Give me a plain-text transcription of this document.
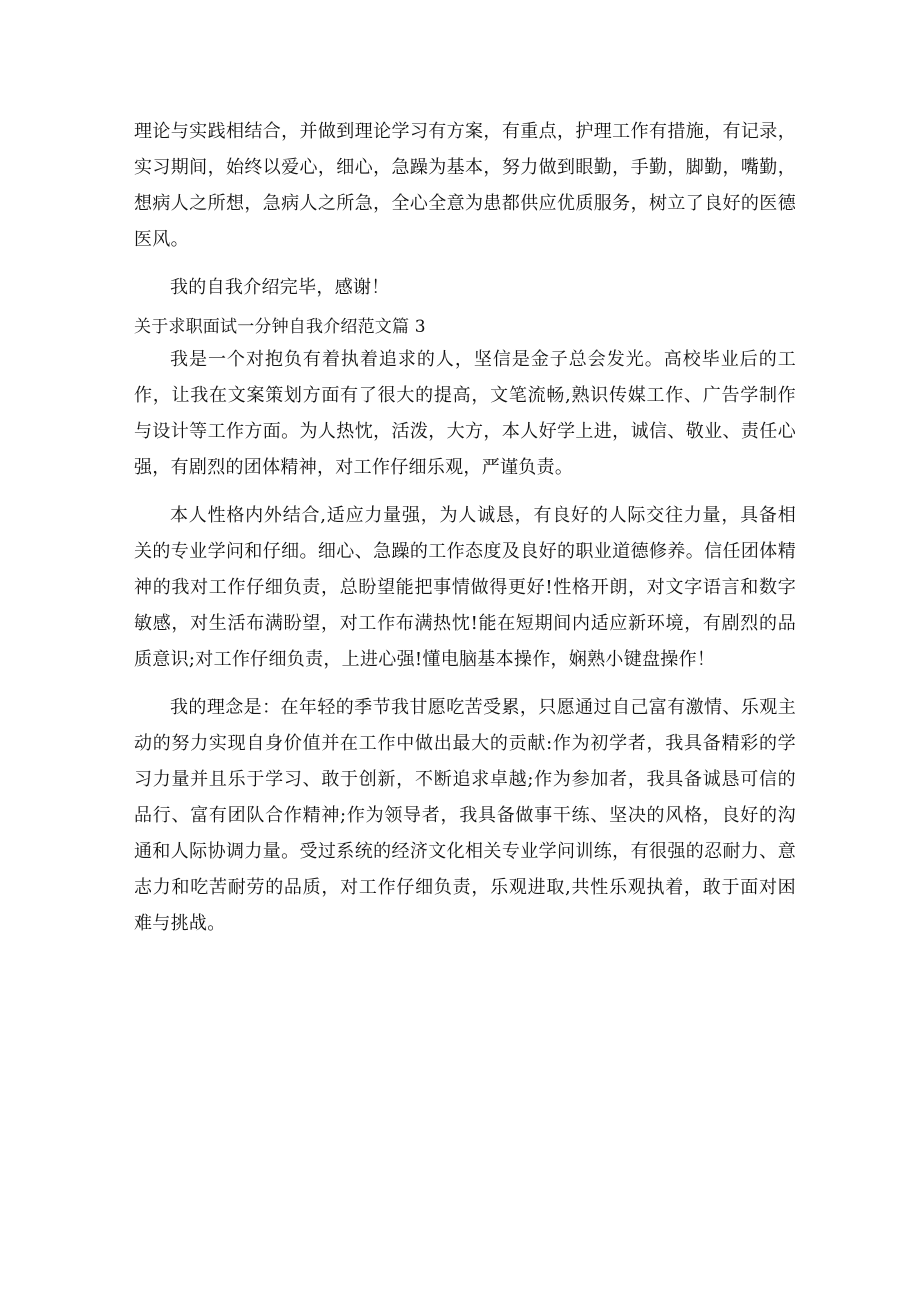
理论与实践相结合，并做到理论学习有方案，有重点，护理工作有措施，有记录，实习期间，始终以爱心，细心，急躁为基本，努力做到眼勤，手勤，脚勤，嘴勤，想病人之所想，急病人之所急，全心全意为患都供应优质服务，树立了良好的医德医风。

我的自我介绍完毕，感谢！

关于求职面试一分钟自我介绍范文篇 3

我是一个对抱负有着执着追求的人，坚信是金子总会发光。高校毕业后的工作，让我在文案策划方面有了很大的提高，文笔流畅,熟识传媒工作、广告学制作与设计等工作方面。为人热忱，活泼，大方，本人好学上进，诚信、敬业、责任心强，有剧烈的团体精神，对工作仔细乐观，严谨负责。

本人性格内外结合,适应力量强，为人诚恳，有良好的人际交往力量，具备相关的专业学问和仔细。细心、急躁的工作态度及良好的职业道德修养。信任团体精神的我对工作仔细负责，总盼望能把事情做得更好!性格开朗，对文字语言和数字敏感，对生活布满盼望，对工作布满热忱!能在短期间内适应新环境，有剧烈的品质意识;对工作仔细负责，上进心强!懂电脑基本操作，娴熟小键盘操作！

我的理念是：在年轻的季节我甘愿吃苦受累，只愿通过自己富有激情、乐观主动的努力实现自身价值并在工作中做出最大的贡献:作为初学者，我具备精彩的学习力量并且乐于学习、敢于创新，不断追求卓越;作为参加者，我具备诚恳可信的品行、富有团队合作精神;作为领导者，我具备做事干练、坚决的风格，良好的沟通和人际协调力量。受过系统的经济文化相关专业学问训练，有很强的忍耐力、意志力和吃苦耐劳的品质，对工作仔细负责，乐观进取,共性乐观执着，敢于面对困难与挑战。
